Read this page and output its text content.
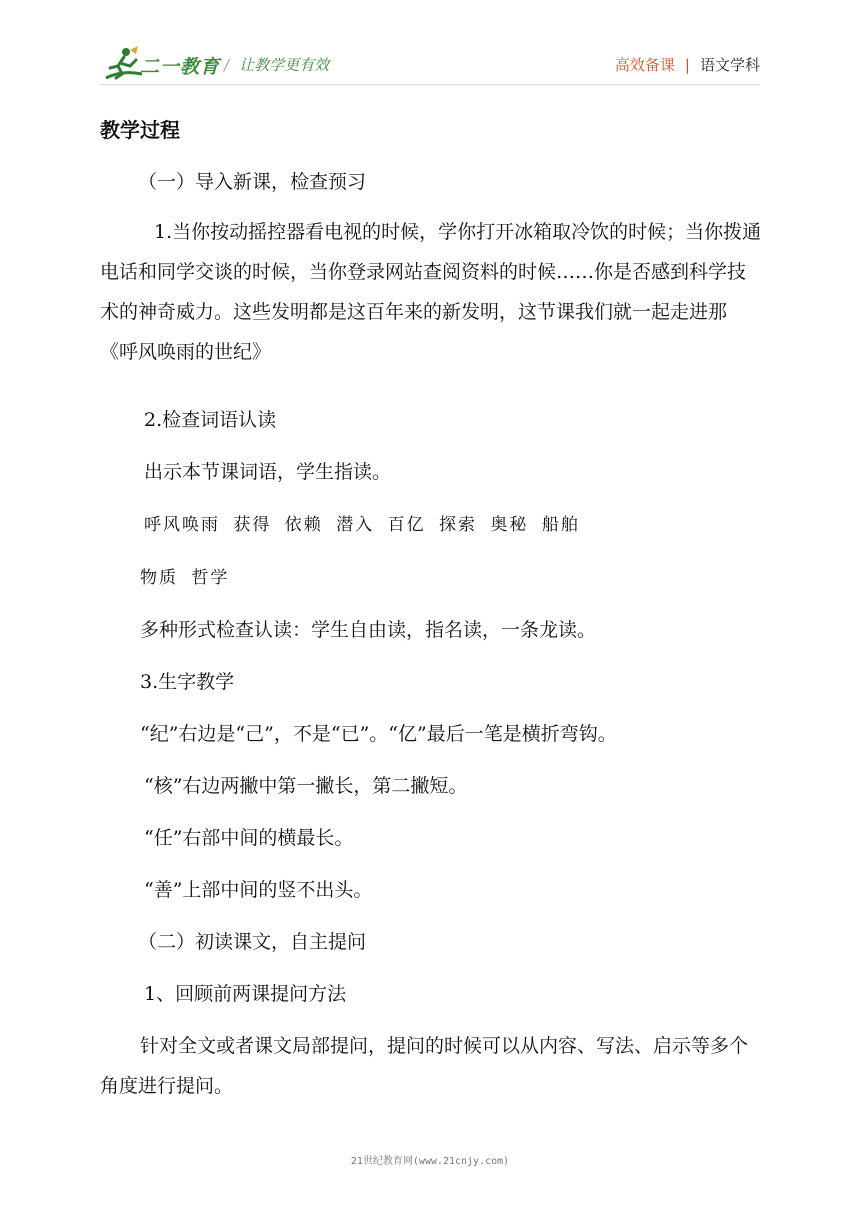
二一教育 / 让教学更有效	高效备课 | 语文学科
教学过程
（一）导入新课，检查预习
1.当你按动摇控器看电视的时候，学你打开冰箱取冷饮的时候；当你拨通电话和同学交谈的时候，当你登录网站查阅资料的时候……你是否感到科学技术的神奇威力。这些发明都是这百年来的新发明，这节课我们就一起走进那《呼风唤雨的世纪》
2.检查词语认读
出示本节课词语，学生指读。
呼风唤雨 获得 依赖 潜入 百亿 探索 奥秘 船舶
物质 哲学
多种形式检查认读：学生自由读，指名读，一条龙读。
3.生字教学
“纪”右边是“己”，不是“已”。“亿”最后一笔是横折弯钩。
“核”右边两撇中第一撇长，第二撇短。
“任”右部中间的横最长。
“善”上部中间的竖不出头。
（二）初读课文，自主提问
1、回顾前两课提问方法
针对全文或者课文局部提问，提问的时候可以从内容、写法、启示等多个角度进行提问。
21世纪教育网(www.21cnjy.com)
